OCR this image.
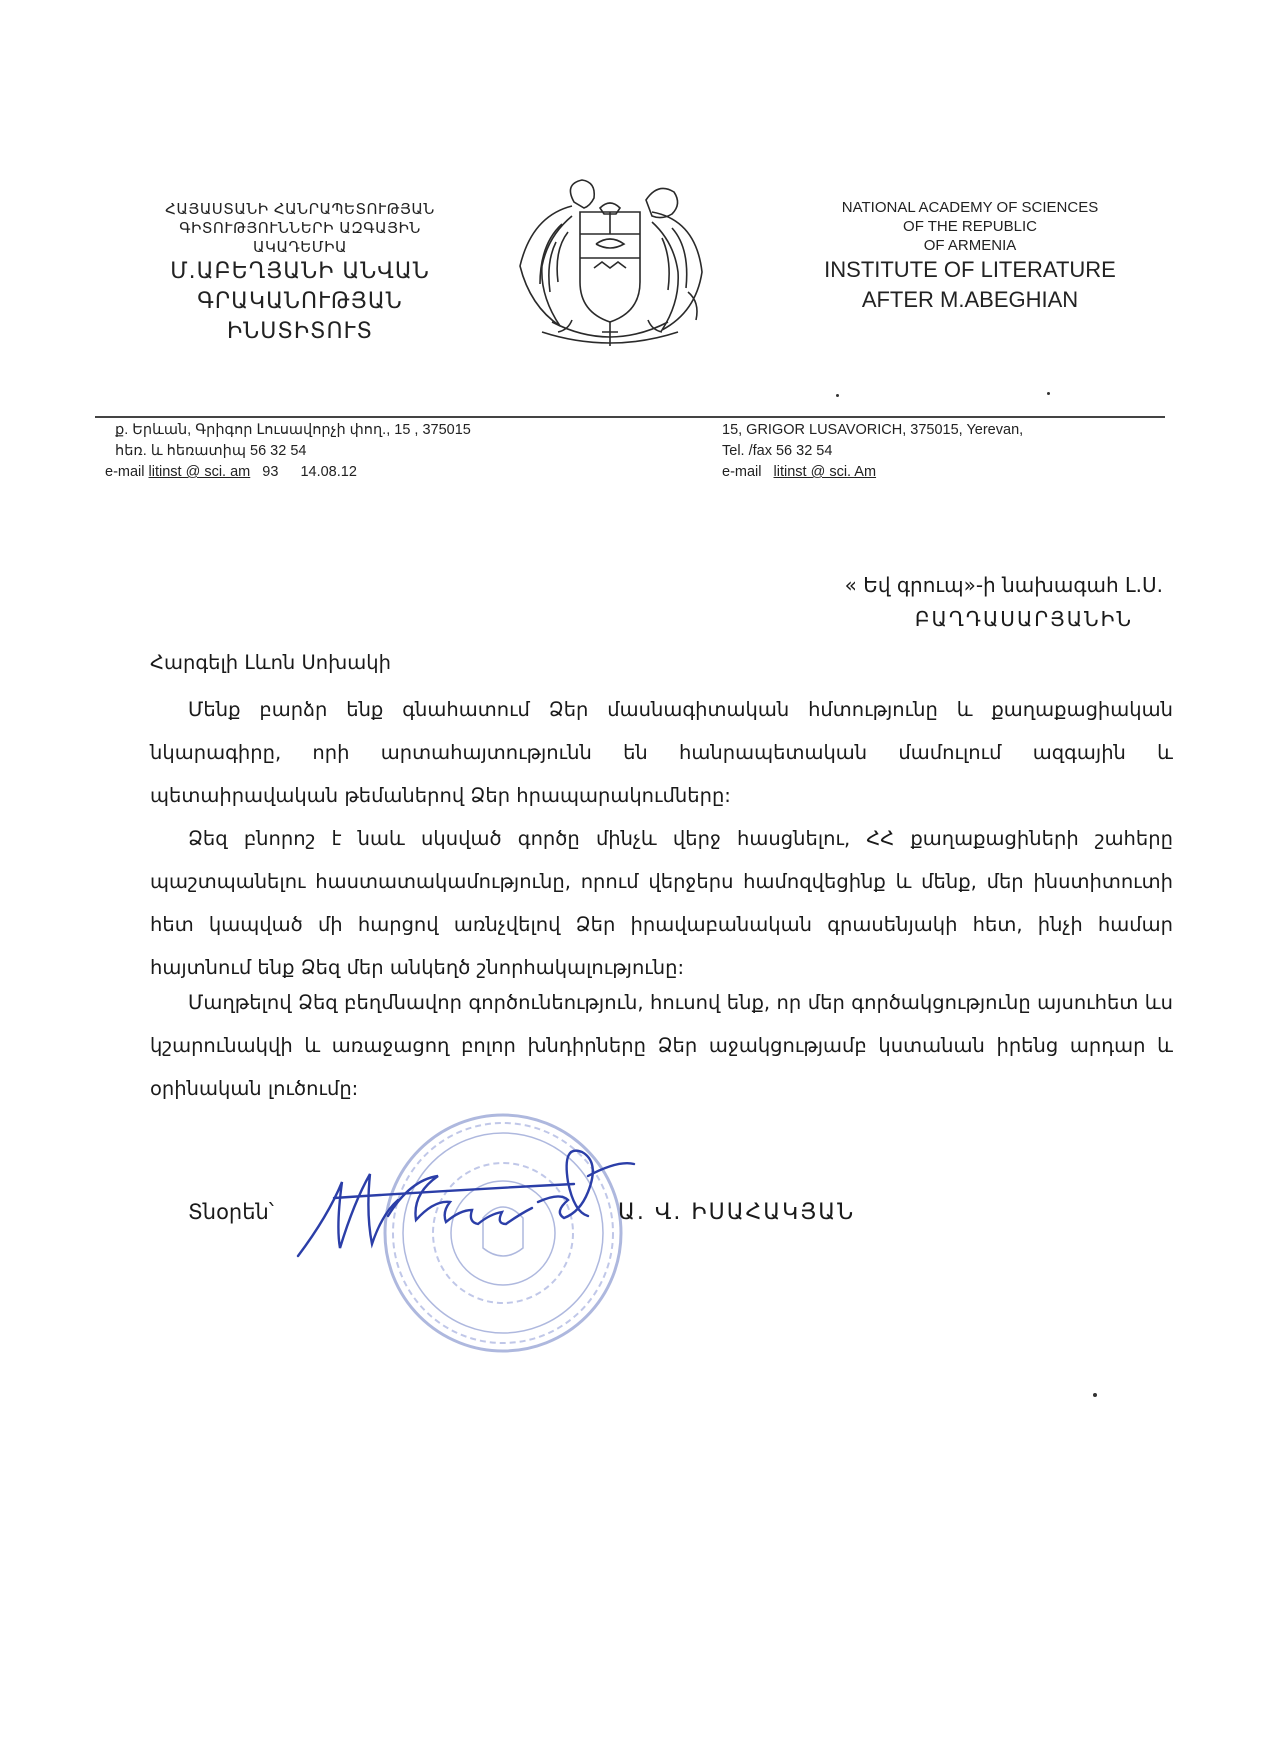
ՀԱՅԱՍՏԱՆԻ ՀԱՆՐԱՊԵՏՈՒԹՅԱՆ
ԳԻՏՈՒԹՅՈՒՆՆԵՐԻ ԱԶԳԱՅԻՆ
ԱԿԱԴԵՄԻԱ
Մ.ԱԲԵՂՅԱՆԻ ԱՆՎԱՆ
ԳՐԱԿԱՆՈՒԹՅԱՆ
ԻՆՍՏԻՏՈՒՏ
NATIONAL ACADEMY OF SCIENCES
OF THE REPUBLIC
OF ARMENIA
INSTITUTE OF LITERATURE
AFTER M.ABEGHIAN
ք. Երևան, Գրիգոր Լուսավորչի փող., 15 , 375015
հեռ. և հեռատիպ 56 32 54
e-mail litinst @ sci. am 93 14.08.12
15, GRIGOR LUSAVORICH, 375015, Yerevan,
Tel. /fax 56 32 54
e-mail litinst @ sci. Am
« Եվ գրուպ»-ի նախագահ Լ.Ս.
ԲԱՂԴԱՍԱՐՅԱՆԻՆ
Հարգելի Լևոն Սոխակի
Մենք բարձր ենք գնահատում Ձեր մասնագիտական հմտությունը և քաղաքացիական նկարագիրը, որի արտահայտությունն են հանրապետական մամուլում ազգային և պետաիրավական թեմաներով Ձեր հրապարակումները:
Ձեզ բնորոշ է նաև սկսված գործը մինչև վերջ հասցնելու, ՀՀ քաղաքացիների շահերը պաշտպանելու հաստատակամությունը, որում վերջերս համոզվեցինք և մենք, մեր ինստիտուտի հետ կապված մի հարցով առնչվելով Ձեր իրավաբանական գրասենյակի հետ, ինչի համար հայտնում ենք Ձեզ մեր անկեղծ շնորհակալությունը:
Մաղթելով Ձեզ բեղմնավոր գործունեություն, հուսով ենք, որ մեր գործակցությունը այսուհետ ևս կշարունակվի և առաջացող բոլոր խնդիրները Ձեր աջակցությամբ կստանան իրենց արդար և օրինական լուծումը:
Տնօրեն՝	Ա. Վ. ԻՍԱՀԱԿՅԱՆ
